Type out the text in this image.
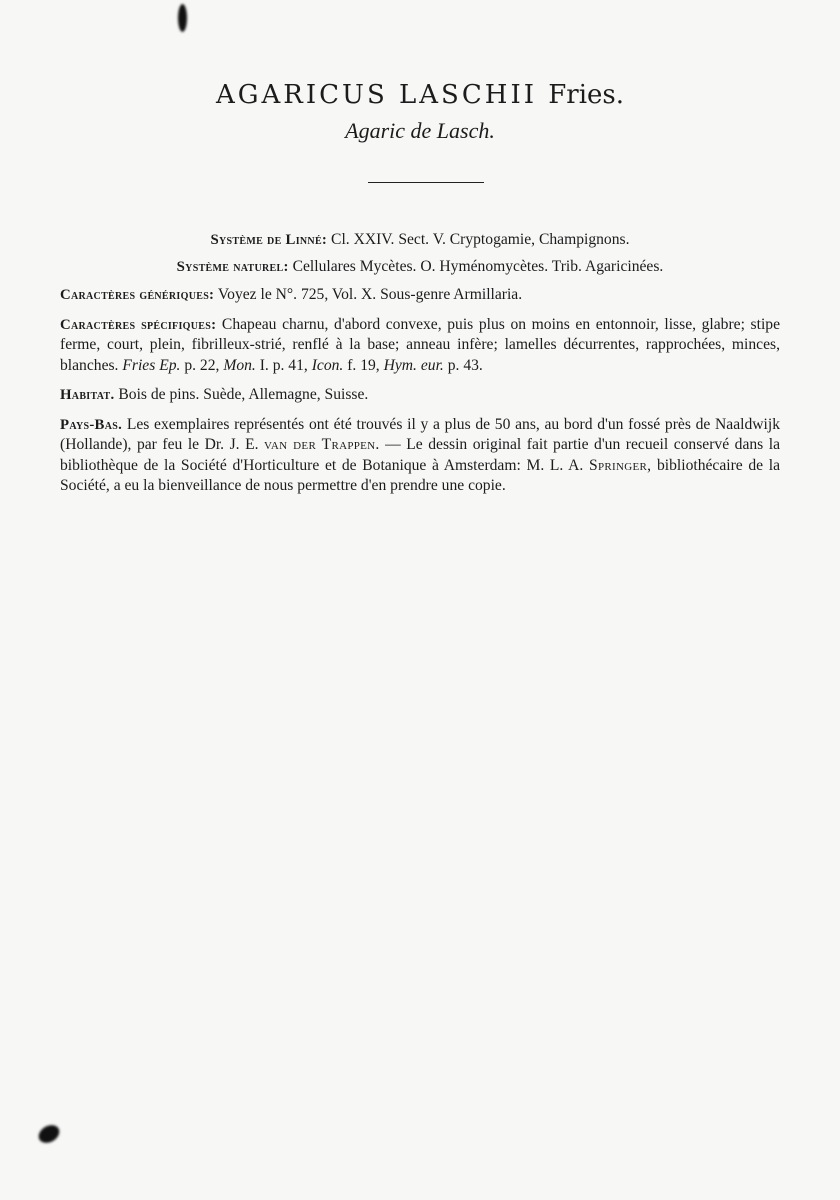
AGARICUS LASCHII Fries.
Agaric de Lasch.

Système de Linné: Cl. XXIV. Sect. V. Cryptogamie, Champignons.

Système naturel: Cellulares Mycètes. O. Hyménomycètes. Trib. Agaricinées.

Caractères génériques: Voyez le N°. 725, Vol. X. Sous-genre Armillaria.

Caractères spécifiques: Chapeau charnu, d'abord convexe, puis plus on moins en entonnoir, lisse, glabre; stipe ferme, court, plein, fibrilleux-strié, renflé à la base; anneau infère; lamelles décurrentes, rapprochées, minces, blanches. Fries Ep. p. 22, Mon. I. p. 41, Icon. f. 19, Hym. eur. p. 43.

Habitat. Bois de pins. Suède, Allemagne, Suisse.

Pays-Bas. Les exemplaires représentés ont été trouvés il y a plus de 50 ans, au bord d'un fossé près de Naaldwijk (Hollande), par feu le Dr. J. E. van der Trappen. — Le dessin original fait partie d'un recueil conservé dans la bibliothèque de la Société d'Horticulture et de Botanique à Amsterdam: M. L. A. Springer, bibliothécaire de la Société, a eu la bienveillance de nous permettre d'en prendre une copie.
